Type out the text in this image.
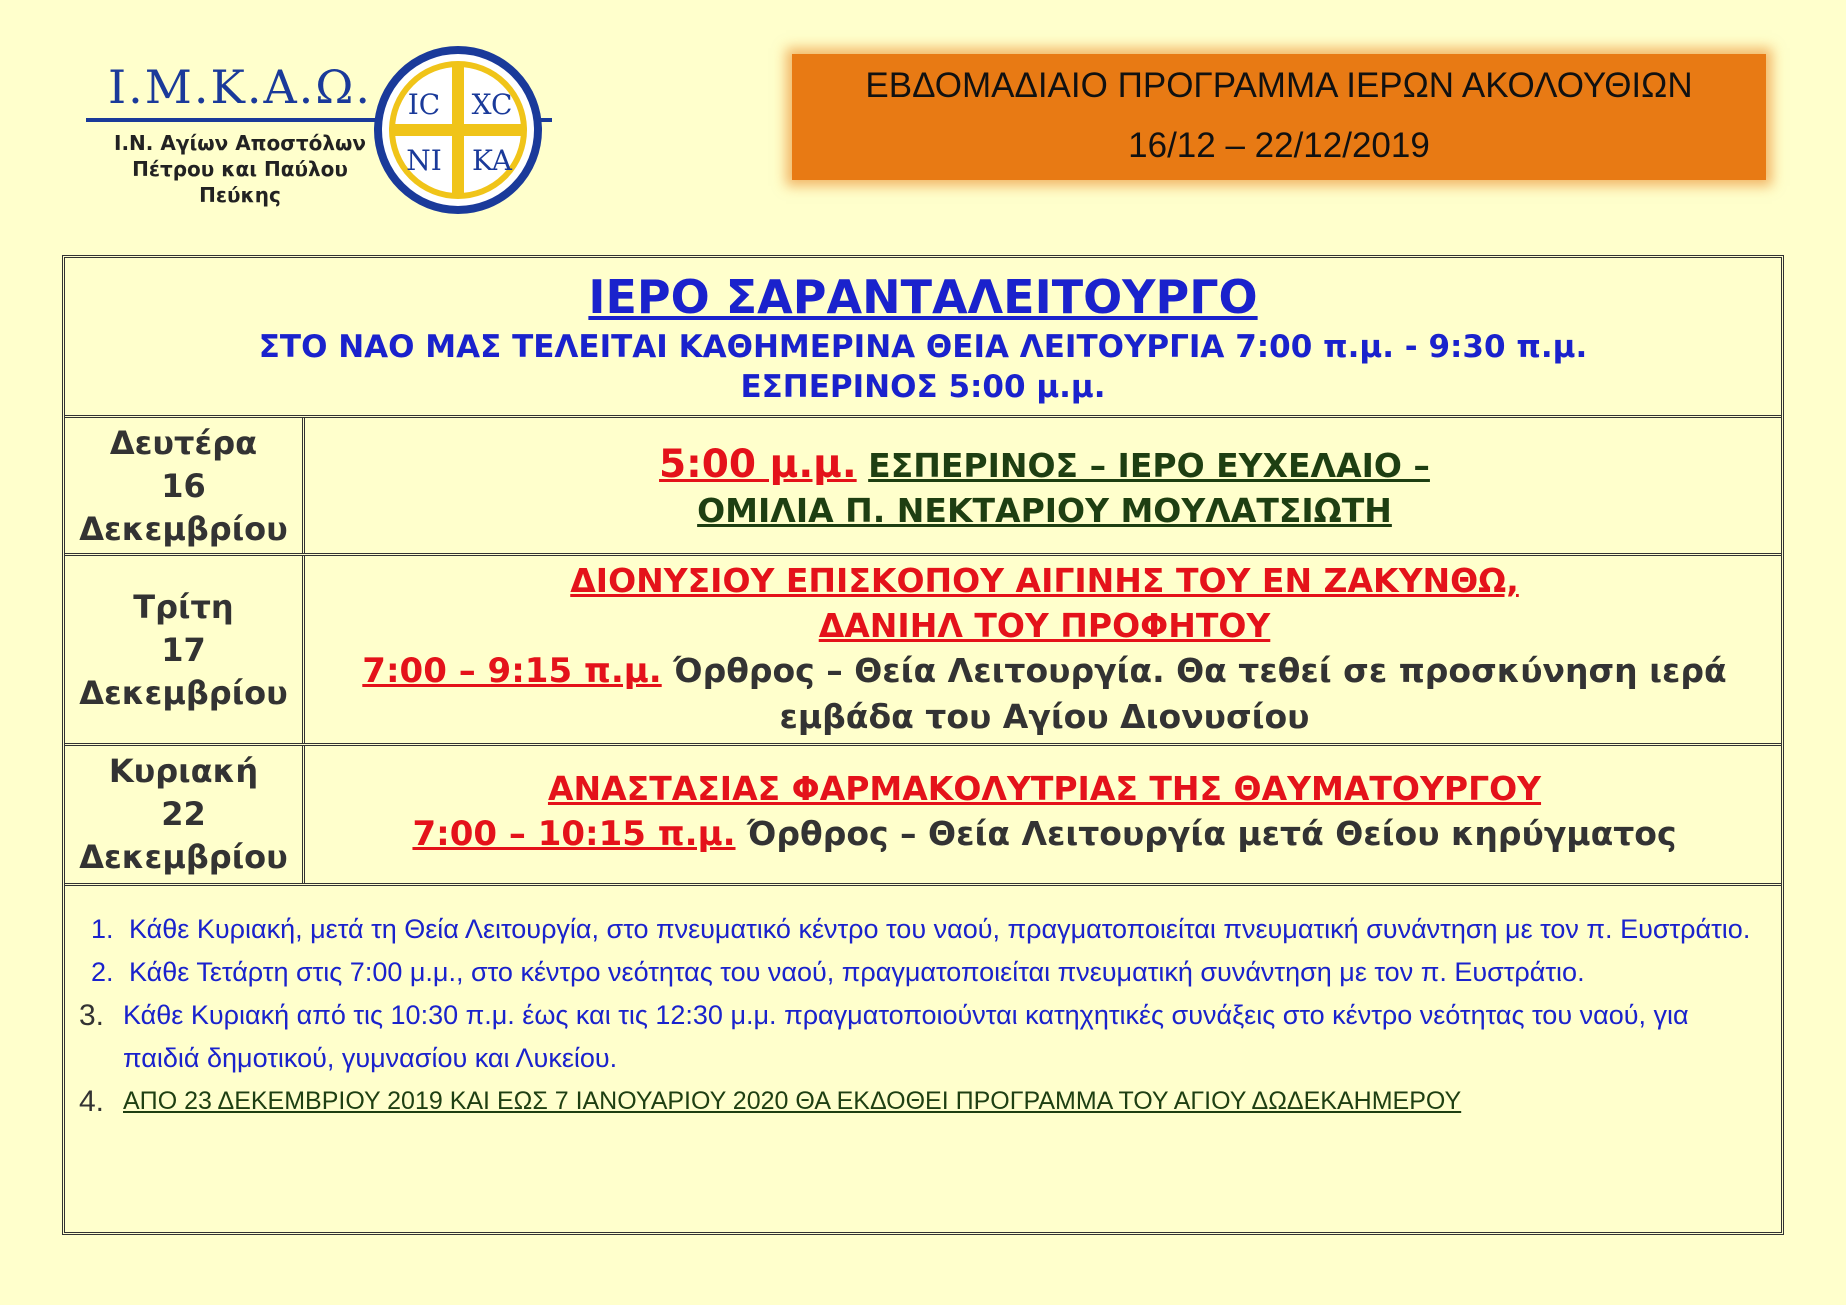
Ι.Μ.Κ.Α.Ω.
Ι.Ν. Αγίων Αποστόλων
Πέτρου και Παύλου
Πεύκης
IC XC
NI KA
ΕΒΔΟΜΑΔΙΑΙΟ ΠΡΟΓΡΑΜΜΑ ΙΕΡΩΝ ΑΚΟΛΟΥΘΙΩΝ
16/12 – 22/12/2019
ΙΕΡΟ ΣΑΡΑΝΤΑΛΕΙΤΟΥΡΓΟ
ΣΤΟ ΝΑΟ ΜΑΣ ΤΕΛΕΙΤΑΙ ΚΑΘΗΜΕΡΙΝΑ ΘΕΙΑ ΛΕΙΤΟΥΡΓΙΑ 7:00 π.μ. - 9:30 π.μ.
ΕΣΠΕΡΙΝΟΣ 5:00 μ.μ.
Δευτέρα
16
Δεκεμβρίου
5:00 μ.μ. ΕΣΠΕΡΙΝΟΣ – ΙΕΡΟ ΕΥΧΕΛΑΙΟ –
ΟΜΙΛΙΑ Π. ΝΕΚΤΑΡΙΟΥ ΜΟΥΛΑΤΣΙΩΤΗ
Τρίτη
17
Δεκεμβρίου
ΔΙΟΝΥΣΙΟΥ ΕΠΙΣΚΟΠΟΥ ΑΙΓΙΝΗΣ ΤΟΥ ΕΝ ΖΑΚΥΝΘΩ,
ΔΑΝΙΗΛ ΤΟΥ ΠΡΟΦΗΤΟΥ
7:00 – 9:15 π.μ. Όρθρος – Θεία Λειτουργία. Θα τεθεί σε προσκύνηση ιερά
εμβάδα του Αγίου Διονυσίου
Κυριακή
22
Δεκεμβρίου
ΑΝΑΣΤΑΣΙΑΣ ΦΑΡΜΑΚΟΛΥΤΡΙΑΣ ΤΗΣ ΘΑΥΜΑΤΟΥΡΓΟΥ
7:00 – 10:15 π.μ. Όρθρος – Θεία Λειτουργία μετά Θείου κηρύγματος
1. Κάθε Κυριακή, μετά τη Θεία Λειτουργία, στο πνευματικό κέντρο του ναού, πραγματοποιείται πνευματική συνάντηση με τον π. Ευστράτιο.
2. Κάθε Τετάρτη στις 7:00 μ.μ., στο κέντρο νεότητας του ναού, πραγματοποιείται πνευματική συνάντηση με τον π. Ευστράτιο.
3. Κάθε Κυριακή από τις 10:30 π.μ. έως και τις 12:30 μ.μ. πραγματοποιούνται κατηχητικές συνάξεις στο κέντρο νεότητας του ναού, για παιδιά δημοτικού, γυμνασίου και Λυκείου.
4. ΑΠΟ 23 ΔΕΚΕΜΒΡΙΟΥ 2019 ΚΑΙ ΕΩΣ 7 ΙΑΝΟΥΑΡΙΟΥ 2020 ΘΑ ΕΚΔΟΘΕΙ ΠΡΟΓΡΑΜΜΑ ΤΟΥ ΑΓΙΟΥ ΔΩΔΕΚΑΗΜΕΡΟΥ
